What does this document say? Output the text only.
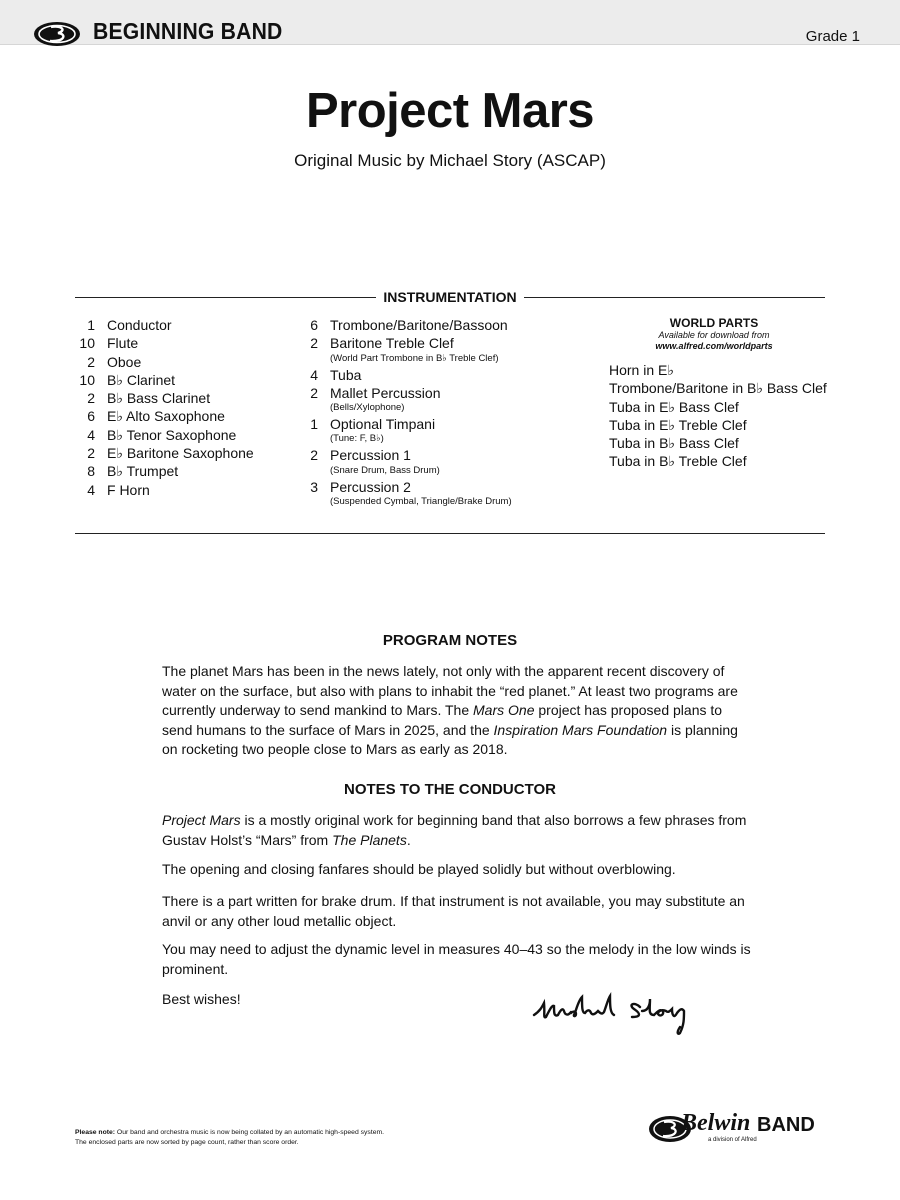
BEGINNING BAND	Grade 1
Project Mars
Original Music by Michael Story (ASCAP)
INSTRUMENTATION
1 Conductor
10 Flute
2 Oboe
10 B♭ Clarinet
2 B♭ Bass Clarinet
6 E♭ Alto Saxophone
4 B♭ Tenor Saxophone
2 E♭ Baritone Saxophone
8 B♭ Trumpet
4 F Horn
6 Trombone/Baritone/Bassoon
2 Baritone Treble Clef
(World Part Trombone in B♭ Treble Clef)
4 Tuba
2 Mallet Percussion
(Bells/Xylophone)
1 Optional Timpani
(Tune: F, B♭)
2 Percussion 1
(Snare Drum, Bass Drum)
3 Percussion 2
(Suspended Cymbal, Triangle/Brake Drum)
WORLD PARTS
Available for download from
www.alfred.com/worldparts
Horn in E♭
Trombone/Baritone in B♭ Bass Clef
Tuba in E♭ Bass Clef
Tuba in E♭ Treble Clef
Tuba in B♭ Bass Clef
Tuba in B♭ Treble Clef
PROGRAM NOTES
The planet Mars has been in the news lately, not only with the apparent recent discovery of water on the surface, but also with plans to inhabit the “red planet.” At least two programs are currently underway to send mankind to Mars. The Mars One project has proposed plans to send humans to the surface of Mars in 2025, and the Inspiration Mars Foundation is planning on rocketing two people close to Mars as early as 2018.
NOTES TO THE CONDUCTOR
Project Mars is a mostly original work for beginning band that also borrows a few phrases from Gustav Holst’s “Mars” from The Planets.
The opening and closing fanfares should be played solidly but without overblowing.
There is a part written for brake drum. If that instrument is not available, you may substitute an anvil or any other loud metallic object.
You may need to adjust the dynamic level in measures 40–43 so the melody in the low winds is prominent.
Best wishes!
Please note: Our band and orchestra music is now being collated by an automatic high-speed system.
The enclosed parts are now sorted by page count, rather than score order.
Belwin BAND
a division of Alfred
